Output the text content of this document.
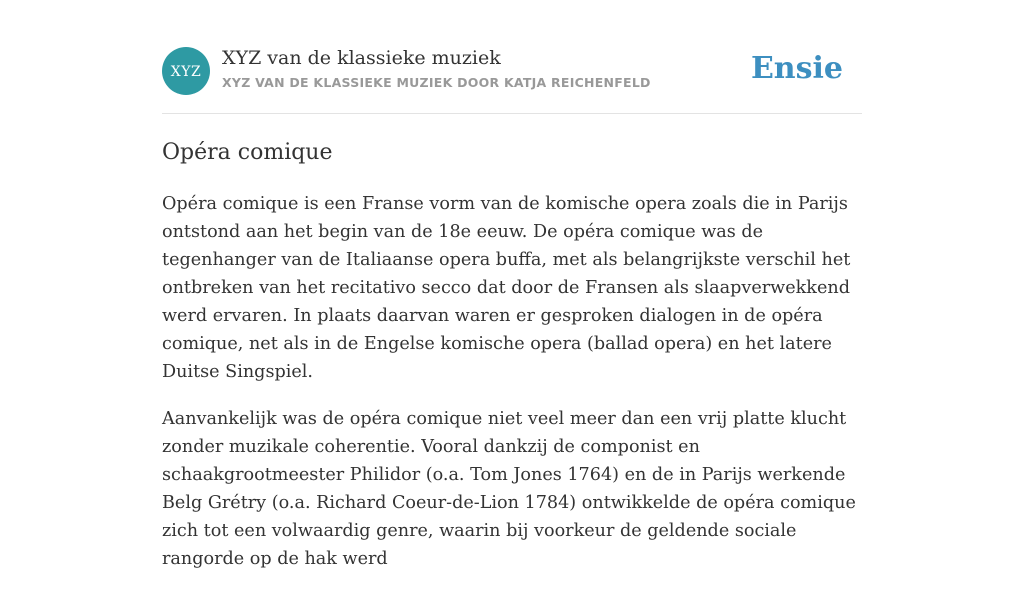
XYZ
XYZ van de klassieke muziek
XYZ VAN DE KLASSIEKE MUZIEK DOOR KATJA REICHENFELD	Ensie
Opéra comique

Opéra comique is een Franse vorm van de komische opera zoals die in Parijs ontstond aan het begin van de 18e eeuw. De opéra comique was de tegenhanger van de Italiaanse opera buffa, met als belangrijkste verschil het ontbreken van het recitativo secco dat door de Fransen als slaapverwekkend werd ervaren. In plaats daarvan waren er gesproken dialogen in de opéra comique, net als in de Engelse komische opera (ballad opera) en het latere Duitse Singspiel.

Aanvankelijk was de opéra comique niet veel meer dan een vrij platte klucht zonder muzikale coherentie. Vooral dankzij de componist en schaakgrootmeester Philidor (o.a. Tom Jones 1764) en de in Parijs werkende Belg Grétry (o.a. Richard Coeur-de-Lion 1784) ontwikkelde de opéra comique zich tot een volwaardig genre, waarin bij voorkeur de geldende sociale rangorde op de hak werd
